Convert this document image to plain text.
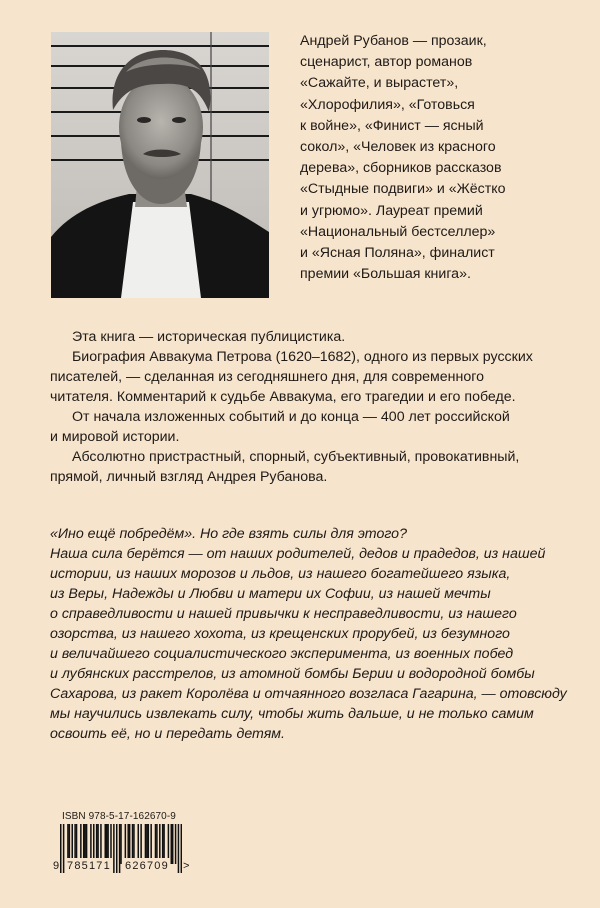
Андрей Рубанов — прозаик,
сценарист, автор романов
«Сажайте, и вырастет»,
«Хлорофилия», «Готовься
к войне», «Финист — ясный
сокол», «Человек из красного
дерева», сборников рассказов
«Стыдные подвиги» и «Жёстко
и угрюмо». Лауреат премий
«Национальный бестселлер»
и «Ясная Поляна», финалист
премии «Большая книга».

Эта книга — историческая публицистика.

Биография Аввакума Петрова (1620–1682), одного из первых русских
писателей, — сделанная из сегодняшнего дня, для современного
читателя. Комментарий к судьбе Аввакума, его трагедии и его победе.

От начала изложенных событий и до конца — 400 лет российской
и мировой истории.

Абсолютно пристрастный, спорный, субъективный, провокативный,
прямой, личный взгляд Андрея Рубанова.

«Ино ещё побредём». Но где взять силы для этого?
Наша сила берётся — от наших родителей, дедов и прадедов, из нашей
истории, из наших морозов и льдов, из нашего богатейшего языка,
из Веры, Надежды и Любви и матери их Софии, из нашей мечты
о справедливости и нашей привычки к несправедливости, из нашего
озорства, из нашего хохота, из крещенских прорубей, из безумного
и величайшего социалистического эксперимента, из военных побед
и лубянских расстрелов, из атомной бомбы Берии и водородной бомбы
Сахарова, из ракет Королёва и отчаянного возгласа Гагарина, — отовсюду
мы научились извлекать силу, чтобы жить дальше, и не только самим
освоить её, но и передать детям.
ISBN 978-5-17-162670-9
9 785171 626709 >
